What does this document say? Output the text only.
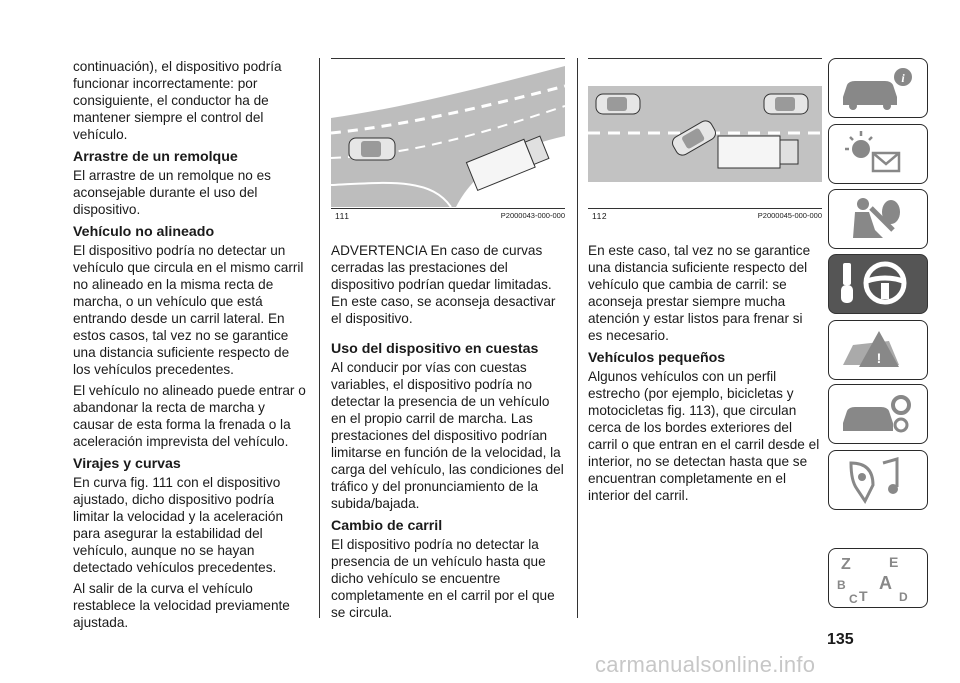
continuación), el dispositivo podría funcionar incorrectamente: por consiguiente, el conductor ha de mantener siempre el control del vehículo.

Arrastre de un remolque

El arrastre de un remolque no es aconsejable durante el uso del dispositivo.

Vehículo no alineado

El dispositivo podría no detectar un vehículo que circula en el mismo carril no alineado en la misma recta de marcha, o un vehículo que está entrando desde un carril lateral. En estos casos, tal vez no se garantice una distancia suficiente respecto de los vehículos precedentes.

El vehículo no alineado puede entrar o abandonar la recta de marcha y causar de esta forma la frenada o la aceleración imprevista del vehículo.

Virajes y curvas

En curva fig. 111 con el dispositivo ajustado, dicho dispositivo podría limitar la velocidad y la aceleración para asegurar la estabilidad del vehículo, aunque no se hayan detectado vehículos precedentes.

Al salir de la curva el vehículo restablece la velocidad previamente ajustada.

111	P2000043-000-000	112	P2000045-000-000

ADVERTENCIA En caso de curvas cerradas las prestaciones del dispositivo podrían quedar limitadas. En este caso, se aconseja desactivar el dispositivo.

Uso del dispositivo en cuestas

Al conducir por vías con cuestas variables, el dispositivo podría no detectar la presencia de un vehículo en el propio carril de marcha. Las prestaciones del dispositivo podrían limitarse en función de la velocidad, la carga del vehículo, las condiciones del tráfico y del pronunciamiento de la subida/bajada.

Cambio de carril

El dispositivo podría no detectar la presencia de un vehículo hasta que dicho vehículo se encuentre completamente en el carril por el que se circula.

En este caso, tal vez no se garantice una distancia suficiente respecto del vehículo que cambia de carril: se aconseja prestar siempre mucha atención y estar listos para frenar si es necesario.

Vehículos pequeños

Algunos vehículos con un perfil estrecho (por ejemplo, bicicletas y motocicletas fig. 113), que circulan cerca de los bordes exteriores del carril o que entran en el carril desde el interior, no se detectan hasta que se encuentran completamente en el interior del carril.

i
!
Z	E
B A
C T	D
135
carmanualsonline.info
